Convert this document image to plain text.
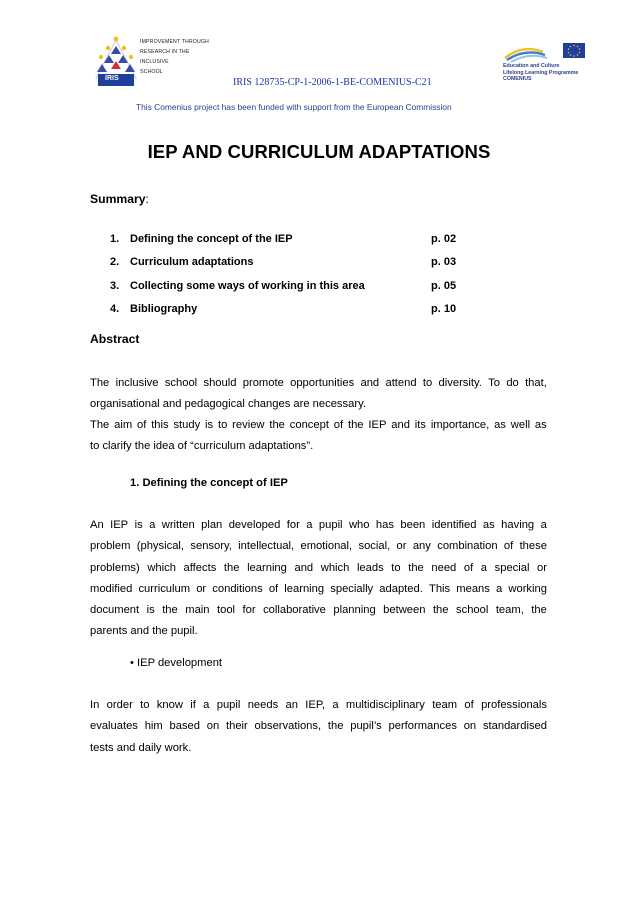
IRIS
IMPROVEMENT THROUGH
RESEARCH IN THE
INCLUSIVE
SCHOOL
IRIS 128735-CP-1-2006-1-BE-COMENIUS-C21
Education and Culture
Lifelong Learning Programme
COMENIUS
This Comenius project has been funded with support from the European Commission
IEP AND CURRICULUM ADAPTATIONS
Summary:
1. Defining the concept of the IEP	p. 02
2. Curriculum adaptations	p. 03
3. Collecting some ways of working in this area	p. 05
4. Bibliography	p. 10
Abstract
The inclusive school should promote opportunities and attend to diversity. To do that,
organisational and pedagogical changes are necessary.
The aim of this study is to review the concept of the IEP and its importance, as well as
to clarify the idea of “curriculum adaptations”.
1. Defining the concept of IEP
An IEP is a written plan developed for a pupil who has been identified as having a
problem (physical, sensory, intellectual, emotional, social, or any combination of these
problems) which affects the learning and which leads to the need of a special or
modified curriculum or conditions of learning specially adapted. This means a working
document is the main tool for collaborative planning between the school team, the
parents and the pupil.
• IEP development
In order to know if a pupil needs an IEP, a multidisciplinary team of professionals
evaluates him based on their observations, the pupil’s performances on standardised
tests and daily work.
